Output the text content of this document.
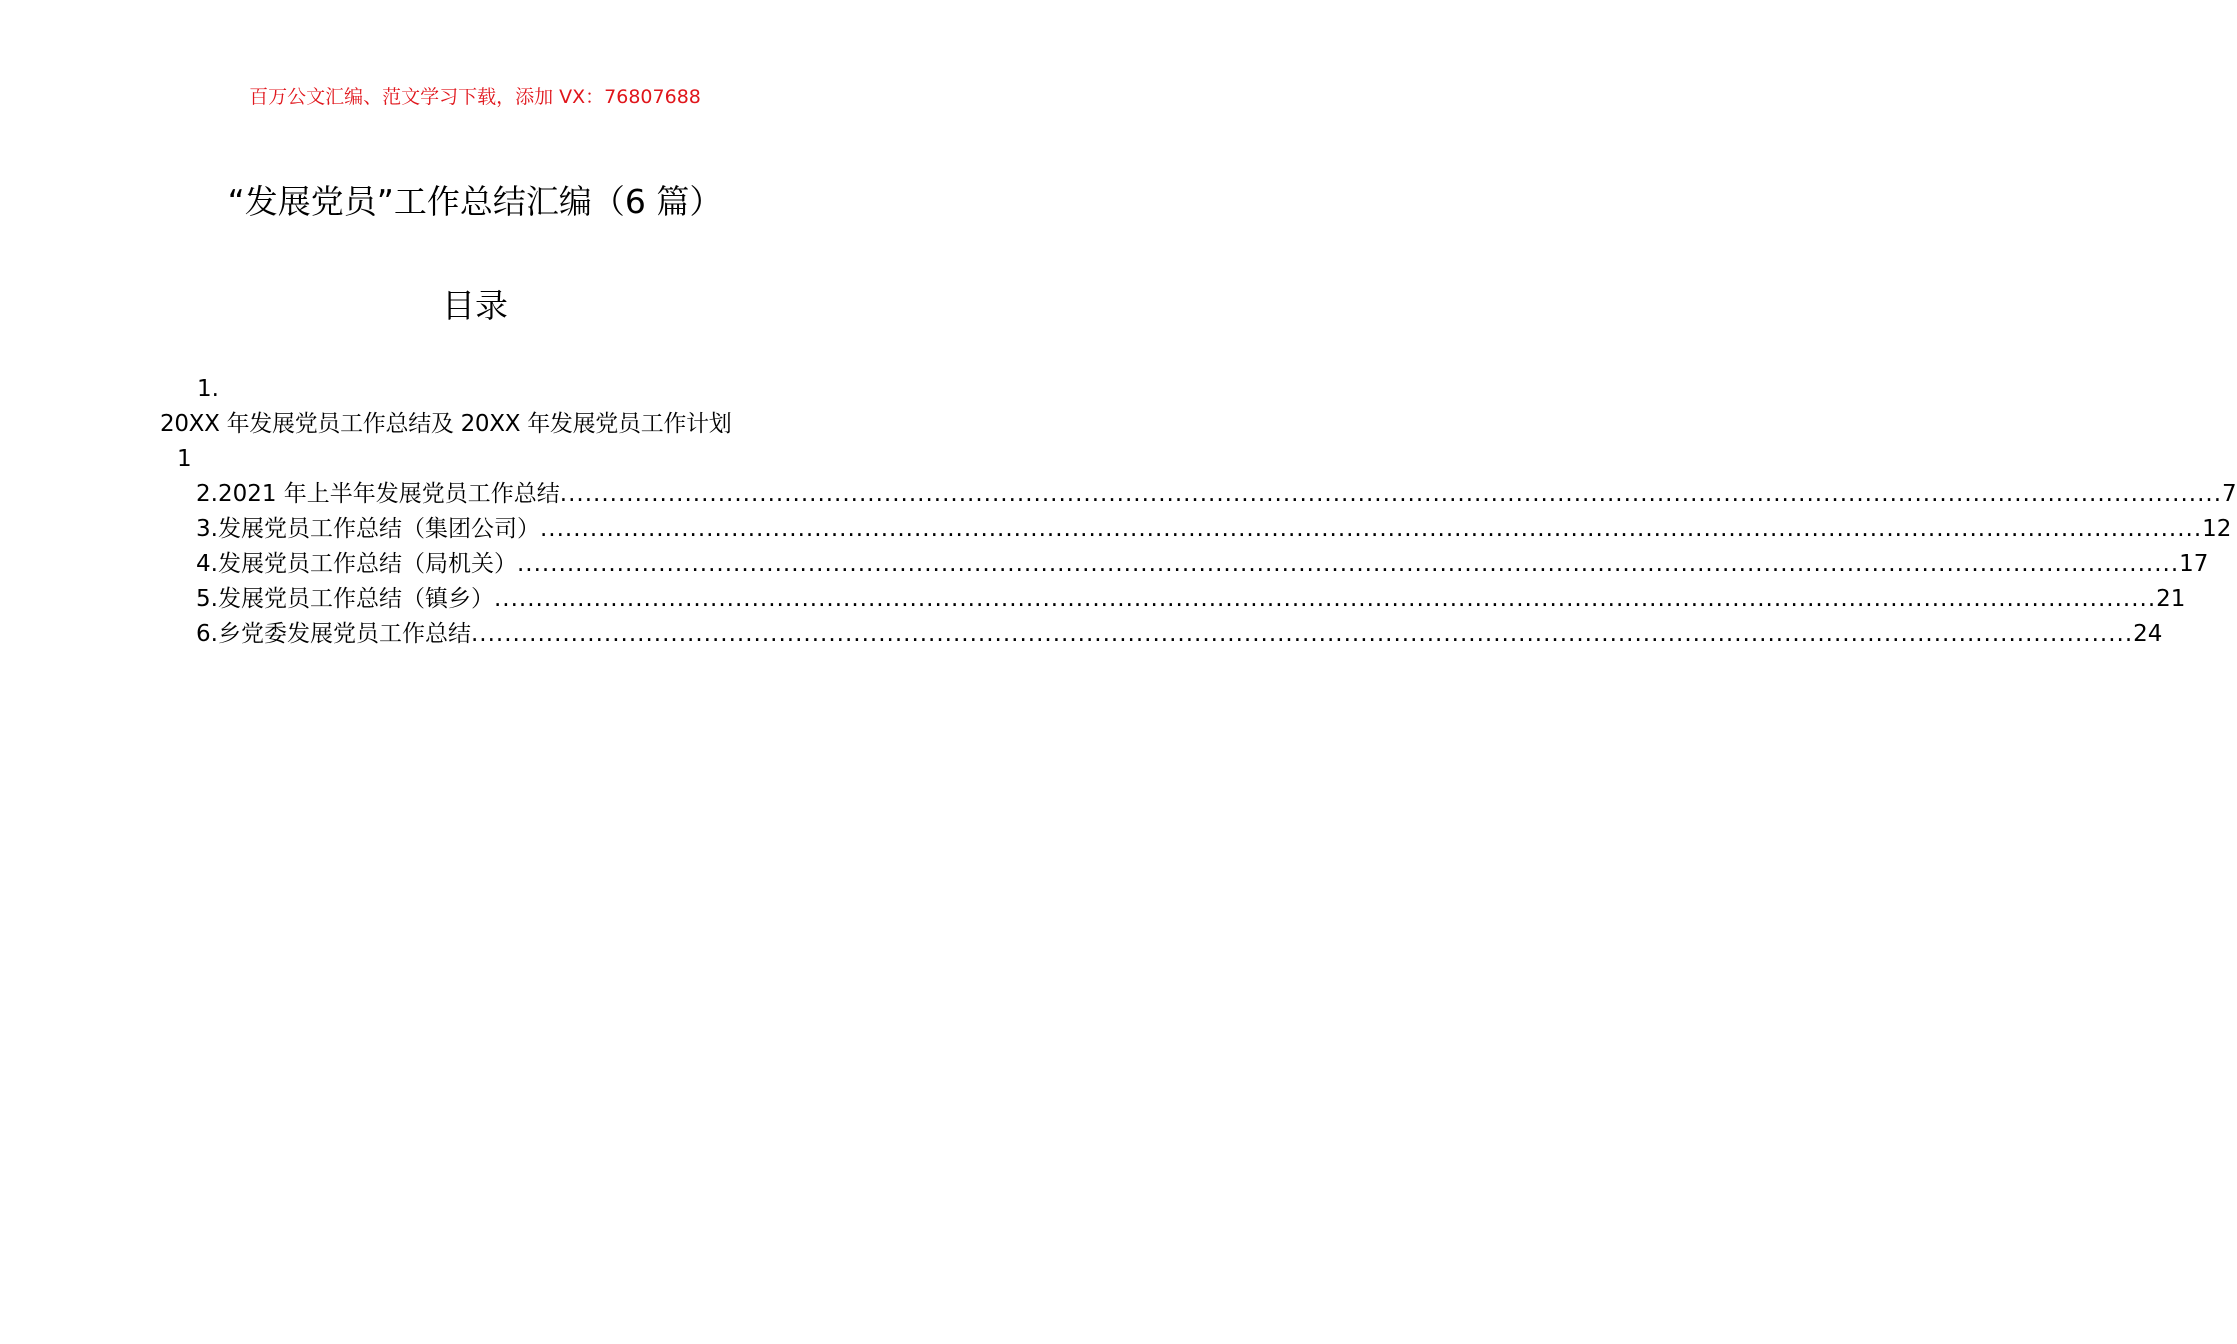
百万公文汇编、范文学习下载，添加 VX：76807688
“发展党员”工作总结汇编（6 篇）
目录
1.
20XX 年发展党员工作总结及 20XX 年发展党员工作计划
1
2.2021 年上半年发展党员工作总结 ........................................................................................................................................................................................................ 7
3.发展党员工作总结（集团公司） ........................................................................................................................................................................................................ 12
4.发展党员工作总结（局机关） ........................................................................................................................................................................................................ 17
5.发展党员工作总结（镇乡） ........................................................................................................................................................................................................ 21
6.乡党委发展党员工作总结 ........................................................................................................................................................................................................ 24
